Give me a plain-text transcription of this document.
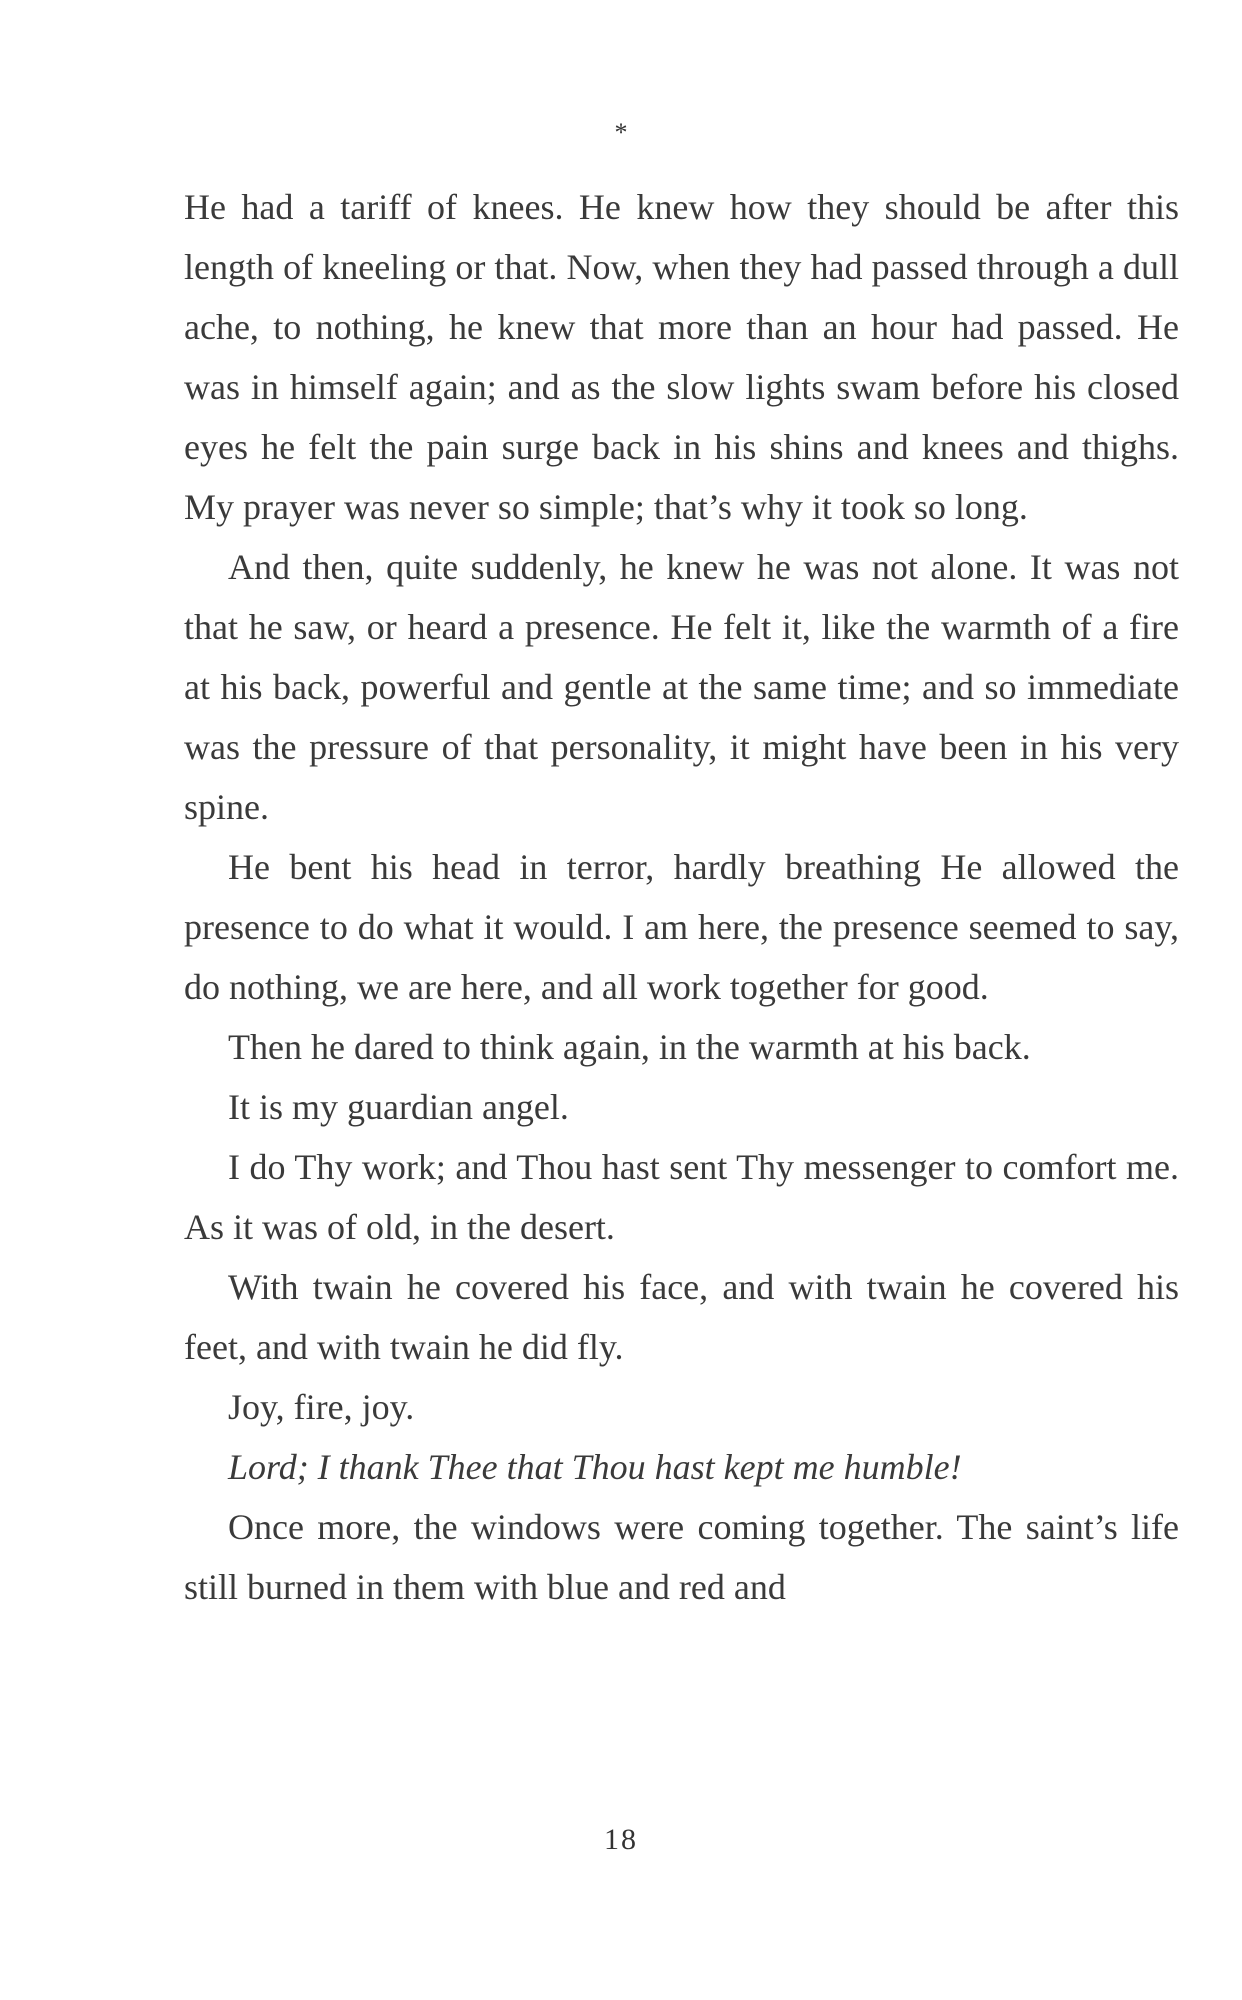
*

He had a tariff of knees. He knew how they should be after this length of kneeling or that. Now, when they had passed through a dull ache, to nothing, he knew that more than an hour had passed. He was in himself again; and as the slow lights swam before his closed eyes he felt the pain surge back in his shins and knees and thighs. My prayer was never so simple; that’s why it took so long.

And then, quite suddenly, he knew he was not alone. It was not that he saw, or heard a presence. He felt it, like the warmth of a fire at his back, powerful and gentle at the same time; and so immediate was the pressure of that personality, it might have been in his very spine.

He bent his head in terror, hardly breathing He allowed the presence to do what it would. I am here, the presence seemed to say, do nothing, we are here, and all work together for good.

Then he dared to think again, in the warmth at his back.

It is my guardian angel.

I do Thy work; and Thou hast sent Thy messenger to comfort me. As it was of old, in the desert.

With twain he covered his face, and with twain he covered his feet, and with twain he did fly.

Joy, fire, joy.

Lord; I thank Thee that Thou hast kept me humble!

Once more, the windows were coming together. The saint’s life still burned in them with blue and red and

18
